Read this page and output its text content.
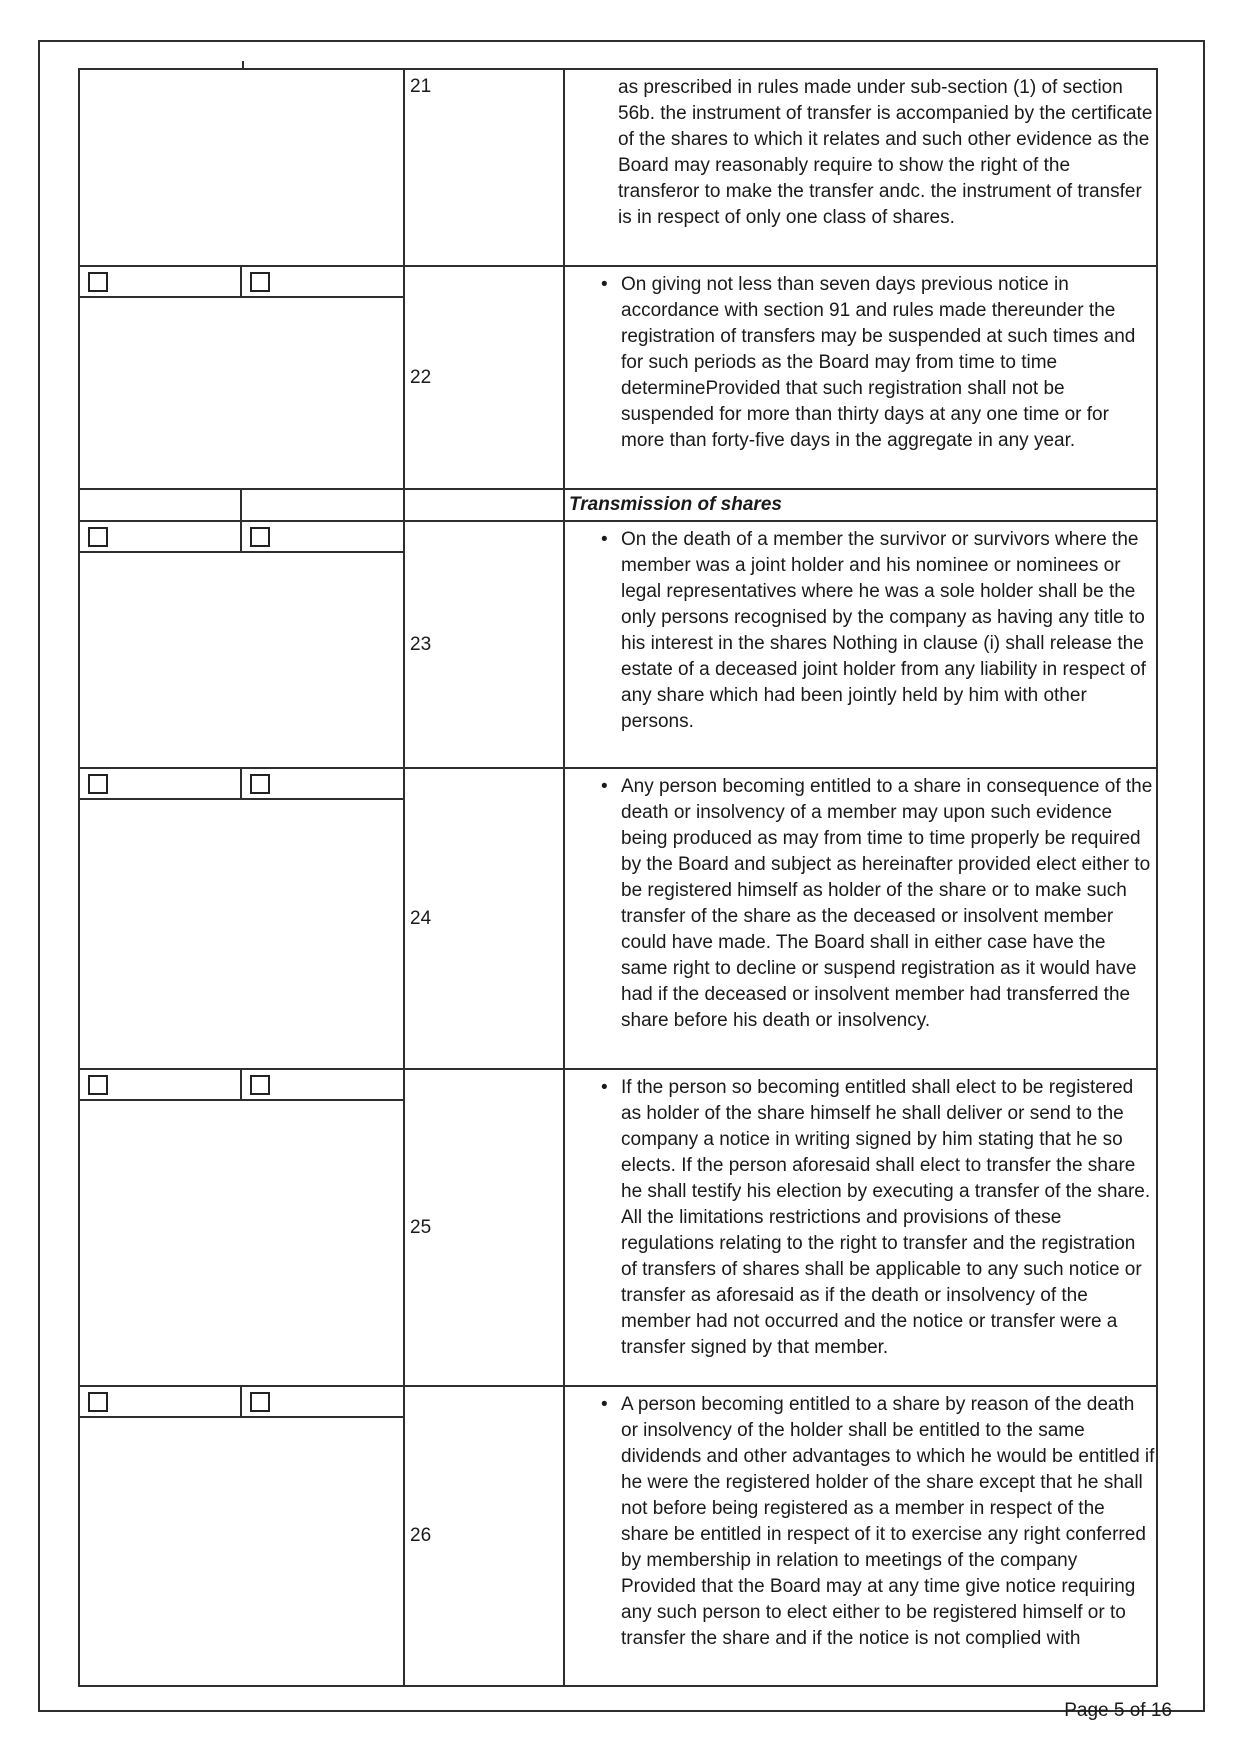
21	as prescribed in rules made under sub-section (1) of section 56b. the instrument of transfer is accompanied by the certificate of the shares to which it relates and such other evidence as the Board may reasonably require to show the right of the transferor to make the transfer andc. the instrument of transfer is in respect of only one class of shares.
22
• On giving not less than seven days previous notice in accordance with section 91 and rules made thereunder the registration of transfers may be suspended at such times and for such periods as the Board may from time to time determineProvided that such registration shall not be suspended for more than thirty days at any one time or for more than forty-five days in the aggregate in any year.
Transmission of shares
23
• On the death of a member the survivor or survivors where the member was a joint holder and his nominee or nominees or legal representatives where he was a sole holder shall be the only persons recognised by the company as having any title to his interest in the shares Nothing in clause (i) shall release the estate of a deceased joint holder from any liability in respect of any share which had been jointly held by him with other persons.
24
• Any person becoming entitled to a share in consequence of the death or insolvency of a member may upon such evidence being produced as may from time to time properly be required by the Board and subject as hereinafter provided elect either to be registered himself as holder of the share or to make such transfer of the share as the deceased or insolvent member could have made. The Board shall in either case have the same right to decline or suspend registration as it would have had if the deceased or insolvent member had transferred the share before his death or insolvency.
25
• If the person so becoming entitled shall elect to be registered as holder of the share himself he shall deliver or send to the company a notice in writing signed by him stating that he so elects. If the person aforesaid shall elect to transfer the share he shall testify his election by executing a transfer of the share. All the limitations restrictions and provisions of these regulations relating to the right to transfer and the registration of transfers of shares shall be applicable to any such notice or transfer as aforesaid as if the death or insolvency of the member had not occurred and the notice or transfer were a transfer signed by that member.
26
• A person becoming entitled to a share by reason of the death or insolvency of the holder shall be entitled to the same dividends and other advantages to which he would be entitled if he were the registered holder of the share except that he shall not before being registered as a member in respect of the share be entitled in respect of it to exercise any right conferred by membership in relation to meetings of the company Provided that the Board may at any time give notice requiring any such person to elect either to be registered himself or to transfer the share and if the notice is not complied with
Page 5 of 16
